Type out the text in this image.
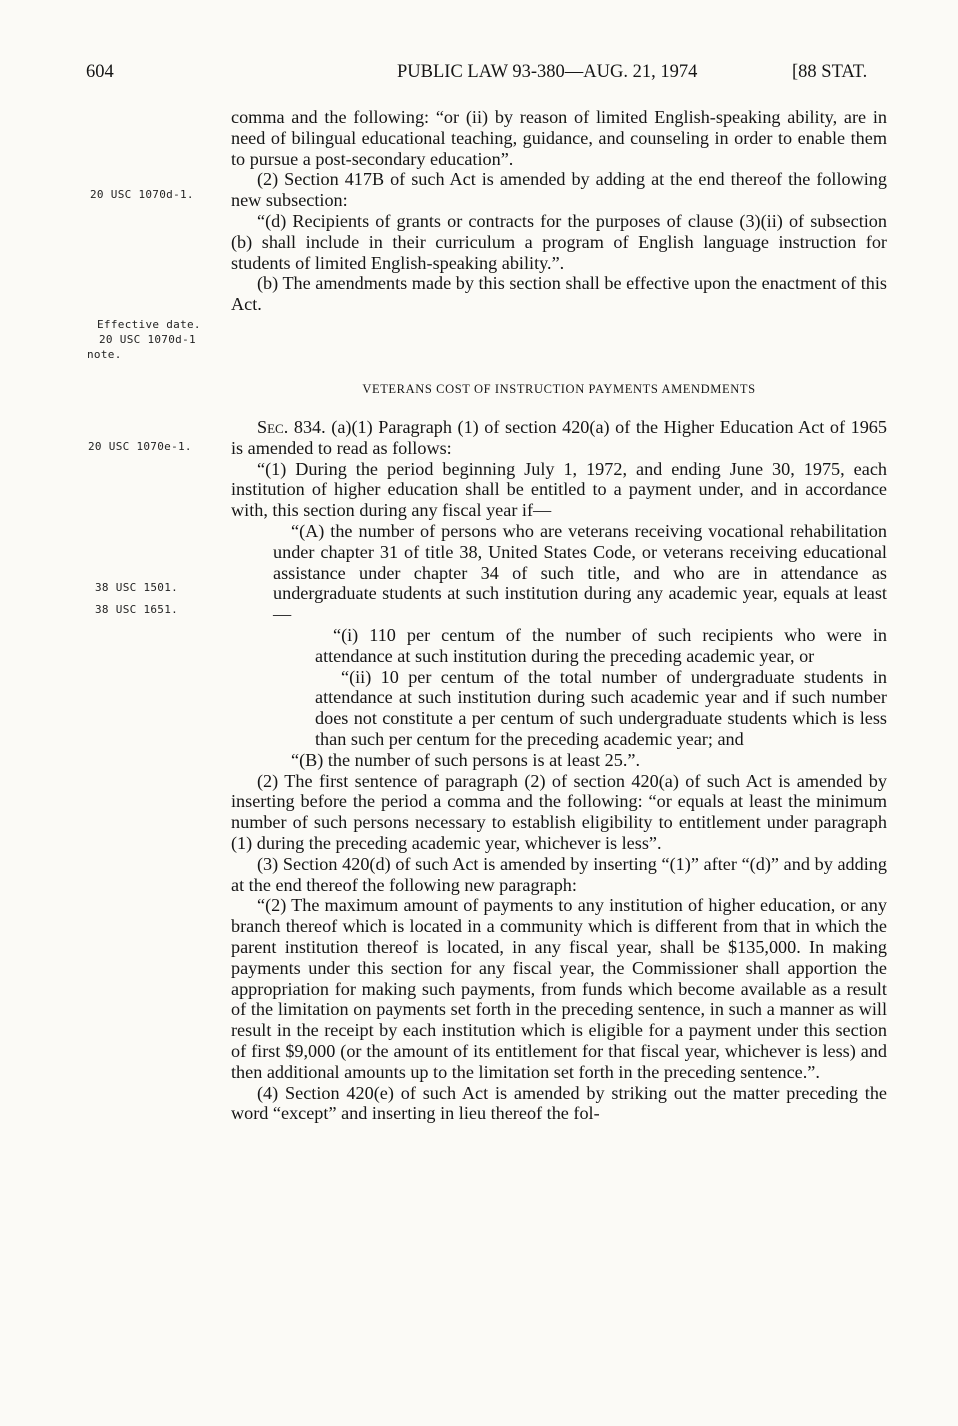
604	PUBLIC LAW 93-380—AUG. 21, 1974	[88 STAT.
20 USC 1070d-1.
Effective date.
20 USC 1070d-1
note.
20 USC 1070e-1.
38 USC 1501.
38 USC 1651.

comma and the following: “or (ii) by reason of limited English-speaking ability, are in need of bilingual educational teaching, guidance, and counseling in order to enable them to pursue a post-secondary education”.

(2) Section 417B of such Act is amended by adding at the end thereof the following new subsection:

“(d) Recipients of grants or contracts for the purposes of clause (3)(ii) of subsection (b) shall include in their curriculum a program of English language instruction for students of limited English-speaking ability.”.

(b) The amendments made by this section shall be effective upon the enactment of this Act.

VETERANS COST OF INSTRUCTION PAYMENTS AMENDMENTS

Sec. 834. (a)(1) Paragraph (1) of section 420(a) of the Higher Education Act of 1965 is amended to read as follows:

“(1) During the period beginning July 1, 1972, and ending June 30, 1975, each institution of higher education shall be entitled to a payment under, and in accordance with, this section during any fiscal year if—

“(A) the number of persons who are veterans receiving vocational rehabilitation under chapter 31 of title 38, United States Code, or veterans receiving educational assistance under chapter 34 of such title, and who are in attendance as undergraduate students at such institution during any academic year, equals at least—

“(i) 110 per centum of the number of such recipients who were in attendance at such institution during the preceding academic year, or

“(ii) 10 per centum of the total number of undergraduate students in attendance at such institution during such academic year and if such number does not constitute a per centum of such undergraduate students which is less than such per centum for the preceding academic year; and

“(B) the number of such persons is at least 25.”.

(2) The first sentence of paragraph (2) of section 420(a) of such Act is amended by inserting before the period a comma and the following: “or equals at least the minimum number of such persons necessary to establish eligibility to entitlement under paragraph (1) during the preceding academic year, whichever is less”.

(3) Section 420(d) of such Act is amended by inserting “(1)” after “(d)” and by adding at the end thereof the following new paragraph:

“(2) The maximum amount of payments to any institution of higher education, or any branch thereof which is located in a community which is different from that in which the parent institution thereof is located, in any fiscal year, shall be $135,000. In making payments under this section for any fiscal year, the Commissioner shall apportion the appropriation for making such payments, from funds which become available as a result of the limitation on payments set forth in the preceding sentence, in such a manner as will result in the receipt by each institution which is eligible for a payment under this section of first $9,000 (or the amount of its entitlement for that fiscal year, whichever is less) and then additional amounts up to the limitation set forth in the preceding sentence.”.

(4) Section 420(e) of such Act is amended by striking out the matter preceding the word “except” and inserting in lieu thereof the fol-
